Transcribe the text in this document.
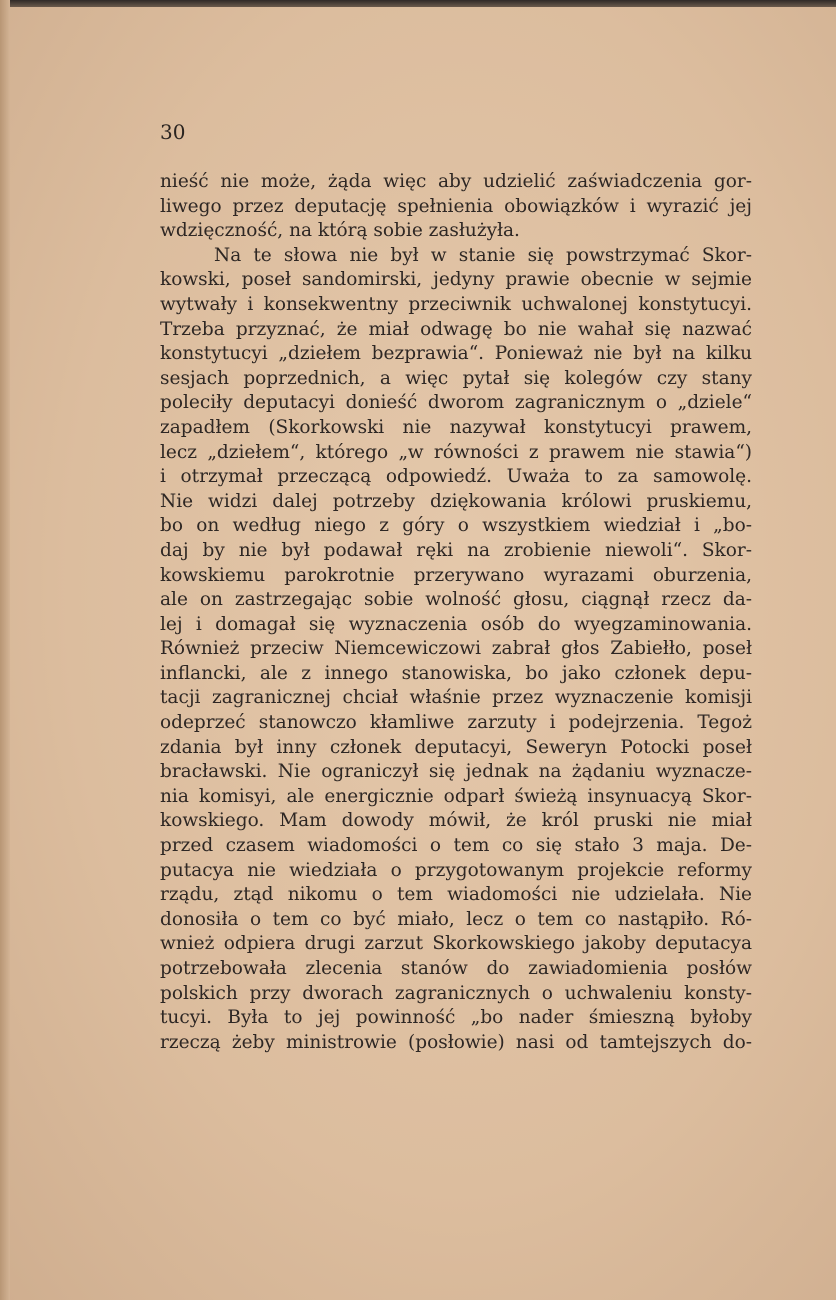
30
nieść nie może, żąda więc aby udzielić zaświadczenia gor-
liwego przez deputację spełnienia obowiązków i wyrazić jej
wdzięczność, na którą sobie zasłużyła.
Na te słowa nie był w stanie się powstrzymać Skor-
kowski, poseł sandomirski, jedyny prawie obecnie w sejmie
wytwały i konsekwentny przeciwnik uchwalonej konstytucyi.
Trzeba przyznać, że miał odwagę bo nie wahał się nazwać
konstytucyi „dziełem bezprawia“. Ponieważ nie był na kilku
sesjach poprzednich, a więc pytał się kolegów czy stany
poleciły deputacyi donieść dworom zagranicznym o „dziele“
zapadłem (Skorkowski nie nazywał konstytucyi prawem,
lecz „dziełem“, którego „w równości z prawem nie stawia“)
i otrzymał przeczącą odpowiedź. Uważa to za samowolę.
Nie widzi dalej potrzeby dziękowania królowi pruskiemu,
bo on według niego z góry o wszystkiem wiedział i „bo-
daj by nie był podawał ręki na zrobienie niewoli“. Skor-
kowskiemu parokrotnie przerywano wyrazami oburzenia,
ale on zastrzegając sobie wolność głosu, ciągnął rzecz da-
lej i domagał się wyznaczenia osób do wyegzaminowania.
Również przeciw Niemcewiczowi zabrał głos Zabiełło, poseł
inflancki, ale z innego stanowiska, bo jako członek depu-
tacji zagranicznej chciał właśnie przez wyznaczenie komisji
odeprzeć stanowczo kłamliwe zarzuty i podejrzenia. Tegoż
zdania był inny członek deputacyi, Seweryn Potocki poseł
bracławski. Nie ograniczył się jednak na żądaniu wyznacze-
nia komisyi, ale energicznie odparł świeżą insynuacyą Skor-
kowskiego. Mam dowody mówił, że król pruski nie miał
przed czasem wiadomości o tem co się stało 3 maja. De-
putacya nie wiedziała o przygotowanym projekcie reformy
rządu, ztąd nikomu o tem wiadomości nie udzielała. Nie
donosiła o tem co być miało, lecz o tem co nastąpiło. Ró-
wnież odpiera drugi zarzut Skorkowskiego jakoby deputacya
potrzebowała zlecenia stanów do zawiadomienia posłów
polskich przy dworach zagranicznych o uchwaleniu konsty-
tucyi. Była to jej powinność „bo nader śmieszną byłoby
rzeczą żeby ministrowie (posłowie) nasi od tamtejszych do-
